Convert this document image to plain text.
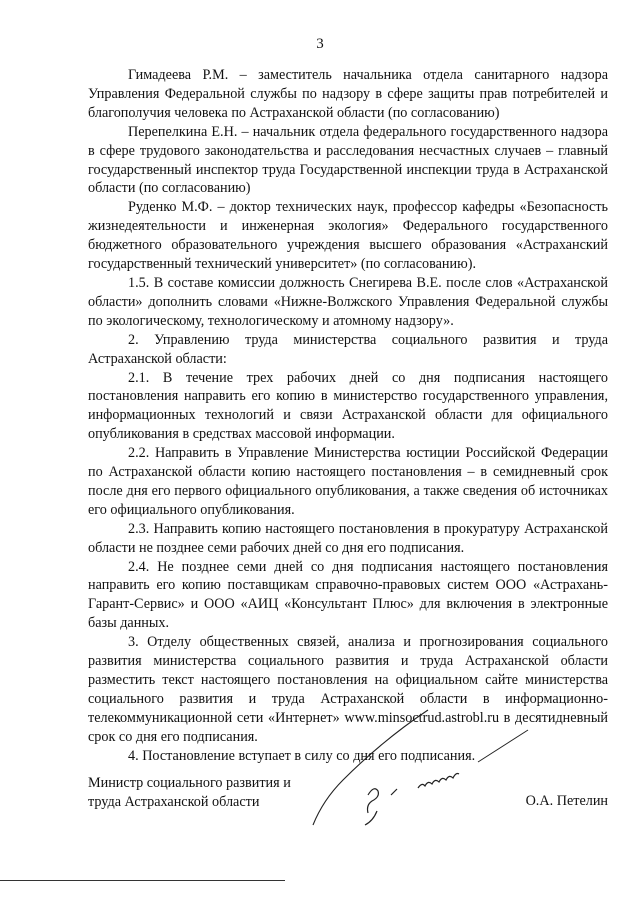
3

Гимадеева Р.М. – заместитель начальника отдела санитарного надзора Управления Федеральной службы по надзору в сфере защиты прав потребителей и благополучия человека по Астраханской области (по согласованию)

Перепелкина Е.Н. – начальник отдела федерального государственного надзора в сфере трудового законодательства и расследования несчастных случаев – главный государственный инспектор труда Государственной инспекции труда в Астраханской области (по согласованию)

Руденко М.Ф. – доктор технических наук, профессор кафедры «Безопасность жизнедеятельности и инженерная экология» Федерального государственного бюджетного образовательного учреждения высшего образования «Астраханский государственный технический университет» (по согласованию).

1.5. В составе комиссии должность Снегирева В.Е. после слов «Астраханской области» дополнить словами «Нижне-Волжского Управления Федеральной службы по экологическому, технологическому и атомному надзору».

2. Управлению труда министерства социального развития и труда Астраханской области:

2.1. В течение трех рабочих дней со дня подписания настоящего постановления направить его копию в министерство государственного управления, информационных технологий и связи Астраханской области для официального опубликования в средствах массовой информации.

2.2. Направить в Управление Министерства юстиции Российской Федерации по Астраханской области копию настоящего постановления – в семидневный срок после дня его первого официального опубликования, а также сведения об источниках его официального опубликования.

2.3. Направить копию настоящего постановления в прокуратуру Астраханской области не позднее семи рабочих дней со дня его подписания.

2.4. Не позднее семи дней со дня подписания настоящего постановления направить его копию поставщикам справочно-правовых систем ООО «Астрахань-Гарант-Сервис» и ООО «АИЦ «Консультант Плюс» для включения в электронные базы данных.

3. Отделу общественных связей, анализа и прогнозирования социального развития министерства социального развития и труда Астраханской области разместить текст настоящего постановления на официальном сайте министерства социального развития и труда Астраханской области в информационно-телекоммуникационной сети «Интернет» www.minsoctrud.astrobl.ru в десятидневный срок со дня его подписания.

4. Постановление вступает в силу со дня его подписания.

Министр социального развития и
труда Астраханской области	О.А. Петелин
